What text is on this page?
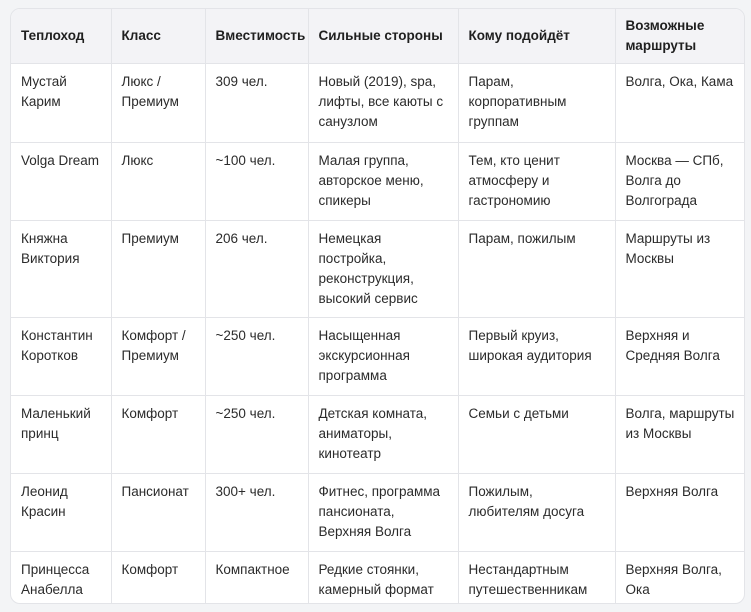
Теплоход	Класс	Вместимость	Сильные стороны	Кому подойдёт	Возможные маршруты
Мустай Карим	Люкс / Премиум	309 чел.	Новый (2019), spa, лифты, все каюты с санузлом	Парам, корпоративным группам	Волга, Ока, Кама
Volga Dream	Люкс	~100 чел.	Малая группа, авторское меню, спикеры	Тем, кто ценит атмосферу и гастрономию	Москва — СПб, Волга до Волгограда
Княжна Виктория	Премиум	206 чел.	Немецкая постройка, реконструкция, высокий сервис	Парам, пожилым	Маршруты из Москвы
Константин Коротков	Комфорт / Премиум	~250 чел.	Насыщенная экскурсионная программа	Первый круиз, широкая аудитория	Верхняя и Средняя Волга
Маленький принц	Комфорт	~250 чел.	Детская комната, аниматоры, кинотеатр	Семьи с детьми	Волга, маршруты из Москвы
Леонид Красин	Пансионат	300+ чел.	Фитнес, программа пансионата, Верхняя Волга	Пожилым, любителям досуга	Верхняя Волга
Принцесса Анабелла	Комфорт	Компактное	Редкие стоянки, камерный формат	Нестандартным путешественникам	Верхняя Волга, Ока
